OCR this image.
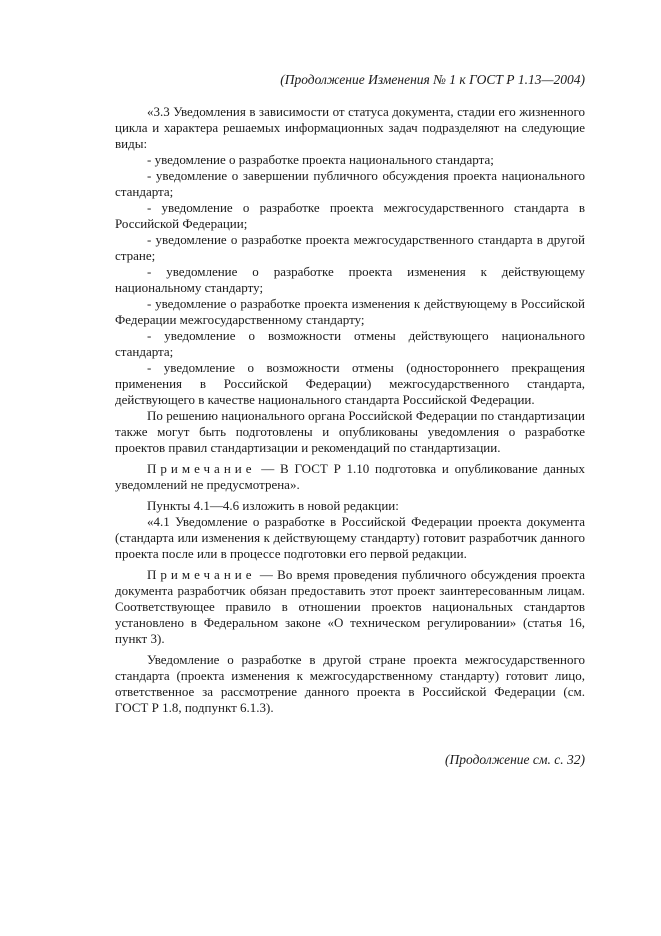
(Продолжение Изменения № 1 к ГОСТ Р 1.13—2004)

«3.3 Уведомления в зависимости от статуса документа, стадии его жизненного цикла и характера решаемых информационных задач подразделяют на следующие виды:

- уведомление о разработке проекта национального стандарта;

- уведомление о завершении публичного обсуждения проекта национального стандарта;

- уведомление о разработке проекта межгосударственного стандарта в Российской Федерации;

- уведомление о разработке проекта межгосударственного стандарта в другой стране;

- уведомление о разработке проекта изменения к действующему национальному стандарту;

- уведомление о разработке проекта изменения к действующему в Российской Федерации межгосударственному стандарту;

- уведомление о возможности отмены действующего национального стандарта;

- уведомление о возможности отмены (одностороннего прекращения применения в Российской Федерации) межгосударственного стандарта, действующего в качестве национального стандарта Российской Федерации.

По решению национального органа Российской Федерации по стандартизации также могут быть подготовлены и опубликованы уведомления о разработке проектов правил стандартизации и рекомендаций по стандартизации.

Примечание — В ГОСТ Р 1.10 подготовка и опубликование данных уведомлений не предусмотрена».

Пункты 4.1—4.6 изложить в новой редакции:

«4.1 Уведомление о разработке в Российской Федерации проекта документа (стандарта или изменения к действующему стандарту) готовит разработчик данного проекта после или в процессе подготовки его первой редакции.

Примечание — Во время проведения публичного обсуждения проекта документа разработчик обязан предоставить этот проект заинтересованным лицам. Соответствующее правило в отношении проектов национальных стандартов установлено в Федеральном законе «О техническом регулировании» (статья 16, пункт 3).

Уведомление о разработке в другой стране проекта межгосударственного стандарта (проекта изменения к межгосударственному стандарту) готовит лицо, ответственное за рассмотрение данного проекта в Российской Федерации (см. ГОСТ Р 1.8, подпункт 6.1.3).

(Продолжение см. с. 32)
